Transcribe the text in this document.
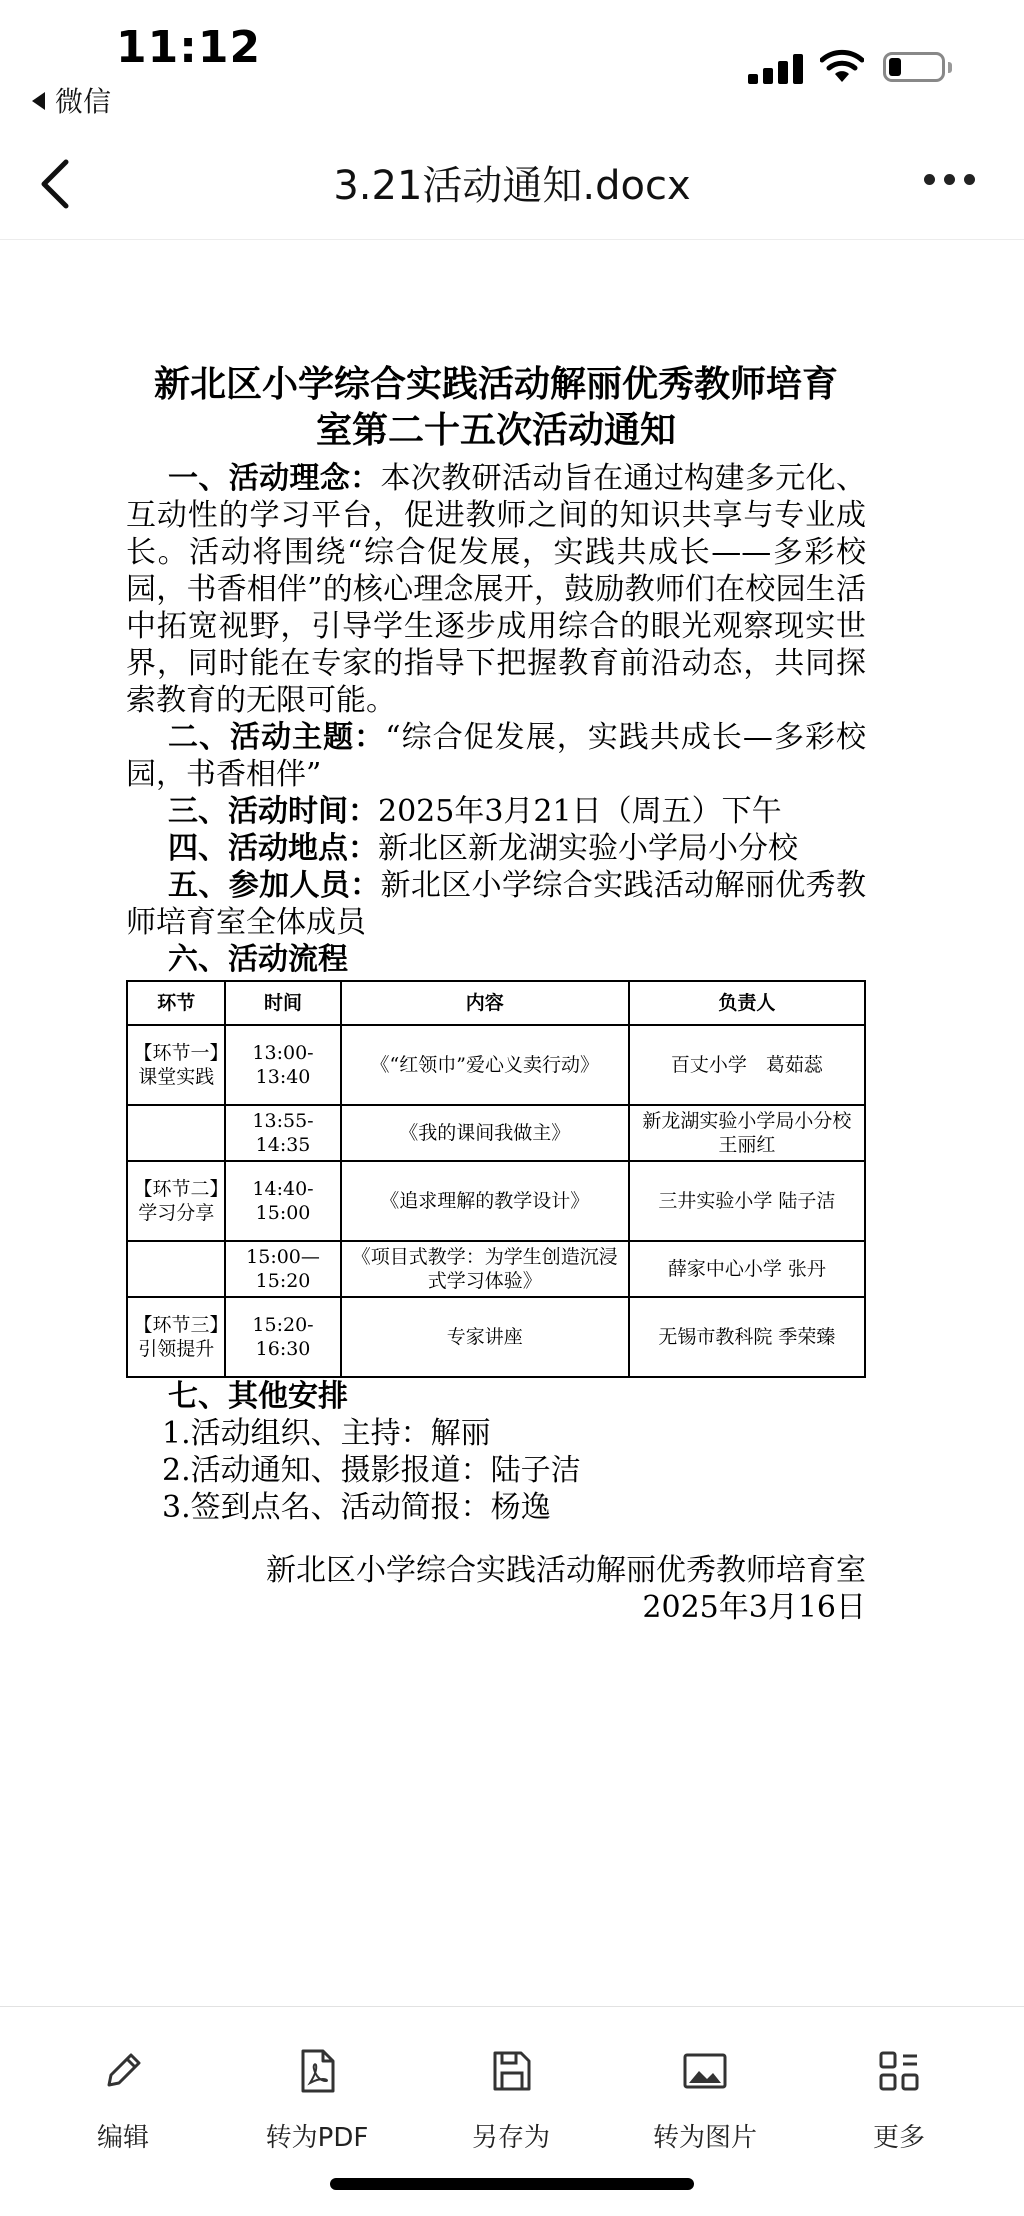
11:12
微信
3.21活动通知.docx
新北区小学综合实践活动解丽优秀教师培育
室第二十五次活动通知

一、活动理念：本次教研活动旨在通过构建多元化、互动性的学习平台，促进教师之间的知识共享与专业成长。活动将围绕“综合促发展，实践共成长——多彩校园，书香相伴”的核心理念展开，鼓励教师们在校园生活中拓宽视野，引导学生逐步成用综合的眼光观察现实世界，同时能在专家的指导下把握教育前沿动态，共同探索教育的无限可能。

二、活动主题：“综合促发展，实践共成长—多彩校园，书香相伴”

三、活动时间：2025年3月21日（周五）下午

四、活动地点：新北区新龙湖实验小学局小分校

五、参加人员：新北区小学综合实践活动解丽优秀教师培育室全体成员

六、活动流程
环节	时间	内容	负责人
【环节一】课堂实践	13:00-13:40	《“红领巾”爱心义卖行动》	百丈小学　葛茹蕊
	13:55-14:35	《我的课间我做主》	新龙湖实验小学局小分校 王丽红
【环节二】学习分享	14:40-15:00	《追求理解的教学设计》	三井实验小学 陆子洁
	15:00—15:20	《项目式教学：为学生创造沉浸式学习体验》	薛家中心小学 张丹
【环节三】引领提升	15:20-16:30	专家讲座	无锡市教科院 季荣臻
七、其他安排
1.活动组织、主持：解丽
2.活动通知、摄影报道：陆子洁
3.签到点名、活动简报：杨逸
新北区小学综合实践活动解丽优秀教师培育室
2025年3月16日
编辑	转为PDF	另存为	转为图片	更多
